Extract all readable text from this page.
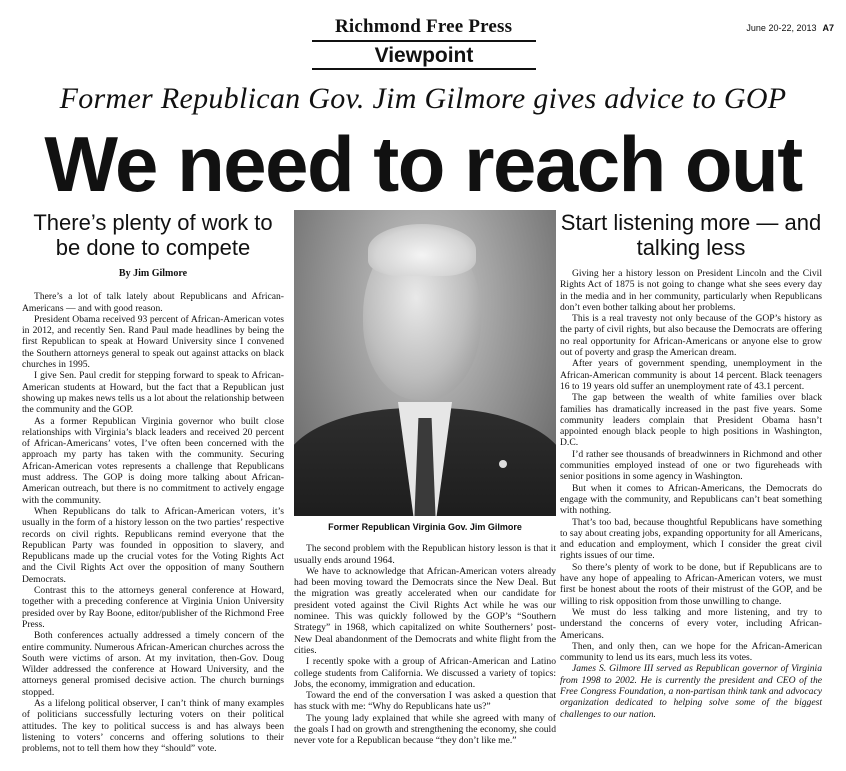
Richmond Free Press	June 20-22, 2013 A7
Viewpoint
Former Republican Gov. Jim Gilmore gives advice to GOP
We need to reach out
There’s plenty of work to be done to compete
By Jim Gilmore

There’s a lot of talk lately about Republicans and African-Americans — and with good reason.

President Obama received 93 percent of African-American votes in 2012, and recently Sen. Rand Paul made headlines by being the first Republican to speak at Howard University since I convened the Southern attorneys general to speak out against attacks on black churches in 1995.

I give Sen. Paul credit for stepping forward to speak to African-American students at Howard, but the fact that a Republican just showing up makes news tells us a lot about the relationship between the community and the GOP.

As a former Republican Virginia governor who built close relationships with Virginia’s black leaders and received 20 percent of African-Americans’ votes, I’ve often been concerned with the approach my party has taken with the community. Securing African-American votes represents a challenge that Republicans must address. The GOP is doing more talking about African-American outreach, but there is no commitment to actively engage with the community.

When Republicans do talk to African-American voters, it’s usually in the form of a history lesson on the two parties’ respective records on civil rights. Republicans remind everyone that the Republican Party was founded in opposition to slavery, and Republicans made up the crucial votes for the Voting Rights Act and the Civil Rights Act over the opposition of many Southern Democrats.

Contrast this to the attorneys general conference at Howard, together with a preceding conference at Virginia Union University presided over by Ray Boone, editor/publisher of the Richmond Free Press.

Both conferences actually addressed a timely concern of the entire community. Numerous African-American churches across the South were victims of arson. At my invitation, then-Gov. Doug Wilder addressed the conference at Howard University, and the attorneys general promised decisive action. The church burnings stopped.

As a lifelong political observer, I can’t think of many examples of politicians successfully lecturing voters on their political attitudes. The key to political success is and has always been listening to voters’ concerns and offering solutions to their problems, not to tell them how they “should” vote.

Former Republican Virginia Gov. Jim Gilmore

The second problem with the Republican history lesson is that it usually ends around 1964.

We have to acknowledge that African-American voters already had been moving toward the Democrats since the New Deal. But the migration was greatly accelerated when our candidate for president voted against the Civil Rights Act while he was our nominee. This was quickly followed by the GOP’s “Southern Strategy” in 1968, which capitalized on white Southerners’ post-New Deal abandonment of the Democrats and white flight from the cities.

I recently spoke with a group of African-American and Latino college students from California. We discussed a variety of topics: Jobs, the economy, immigration and education.

Toward the end of the conversation I was asked a question that has stuck with me: “Why do Republicans hate us?”

The young lady explained that while she agreed with many of the goals I had on growth and strengthening the economy, she could never vote for a Republican because “they don’t like me.”

Start listening more — and talking less

Giving her a history lesson on President Lincoln and the Civil Rights Act of 1875 is not going to change what she sees every day in the media and in her community, particularly when Republicans don’t even bother talking about her problems.

This is a real travesty not only because of the GOP’s history as the party of civil rights, but also because the Democrats are offering no real opportunity for African-Americans or anyone else to grow out of poverty and grasp the American dream.

After years of government spending, unemployment in the African-American community is about 14 percent. Black teenagers 16 to 19 years old suffer an unemployment rate of 43.1 percent.

The gap between the wealth of white families over black families has dramatically increased in the past five years. Some community leaders complain that President Obama hasn’t appointed enough black people to high positions in Washington, D.C.

I’d rather see thousands of breadwinners in Richmond and other communities employed instead of one or two figureheads with senior positions in some agency in Washington.

But when it comes to African-Americans, the Democrats do engage with the community, and Republicans can’t beat something with nothing.

That’s too bad, because thoughtful Republicans have something to say about creating jobs, expanding opportunity for all Americans, and education and employment, which I consider the great civil rights issues of our time.

So there’s plenty of work to be done, but if Republicans are to have any hope of appealing to African-American voters, we must first be honest about the roots of their mistrust of the GOP, and be willing to risk opposition from those unwilling to change.

We must do less talking and more listening, and try to understand the concerns of every voter, including African-Americans.

Then, and only then, can we hope for the African-American community to lend us its ears, much less its votes.

James S. Gilmore III served as Republican governor of Virginia from 1998 to 2002. He is currently the president and CEO of the Free Congress Foundation, a non-partisan think tank and advocacy organization dedicated to helping solve some of the biggest challenges to our nation.
